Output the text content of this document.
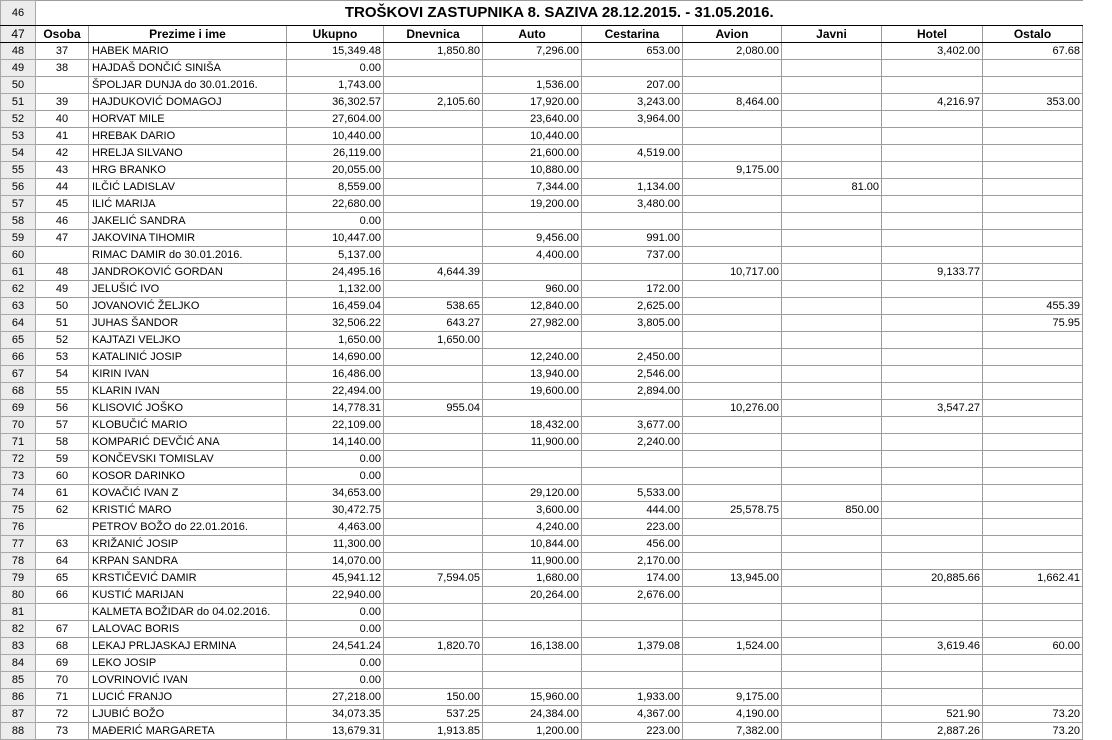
46	TROŠKOVI ZASTUPNIKA 8. SAZIVA 28.12.2015. - 31.05.2016.									
47	Osoba	Prezime i ime	Ukupno	Dnevnica	Auto	Cestarina	Avion	Javni	Hotel	Ostalo
48	37	HABEK MARIO	15,349.48	1,850.80	7,296.00	653.00	2,080.00		3,402.00	67.68
49	38	HAJDAŠ DONČIĆ SINIŠA	0.00							
50		ŠPOLJAR DUNJA do 30.01.2016.	1,743.00		1,536.00	207.00				
51	39	HAJDUKOVIĆ DOMAGOJ	36,302.57	2,105.60	17,920.00	3,243.00	8,464.00		4,216.97	353.00
52	40	HORVAT MILE	27,604.00		23,640.00	3,964.00				
53	41	HREBAK DARIO	10,440.00		10,440.00					
54	42	HRELJA SILVANO	26,119.00		21,600.00	4,519.00				
55	43	HRG BRANKO	20,055.00		10,880.00		9,175.00			
56	44	ILČIĆ LADISLAV	8,559.00		7,344.00	1,134.00		81.00		
57	45	ILIĆ MARIJA	22,680.00		19,200.00	3,480.00				
58	46	JAKELIĆ SANDRA	0.00							
59	47	JAKOVINA TIHOMIR	10,447.00		9,456.00	991.00				
60		RIMAC DAMIR do 30.01.2016.	5,137.00		4,400.00	737.00				
61	48	JANDROKOVIĆ GORDAN	24,495.16	4,644.39			10,717.00		9,133.77	
62	49	JELUŠIĆ IVO	1,132.00		960.00	172.00				
63	50	JOVANOVIĆ ŽELJKO	16,459.04	538.65	12,840.00	2,625.00				455.39
64	51	JUHAS ŠANDOR	32,506.22	643.27	27,982.00	3,805.00				75.95
65	52	KAJTAZI VELJKO	1,650.00	1,650.00						
66	53	KATALINIĆ JOSIP	14,690.00		12,240.00	2,450.00				
67	54	KIRIN IVAN	16,486.00		13,940.00	2,546.00				
68	55	KLARIN IVAN	22,494.00		19,600.00	2,894.00				
69	56	KLISOVIĆ JOŠKO	14,778.31	955.04			10,276.00		3,547.27	
70	57	KLOBUČIĆ MARIO	22,109.00		18,432.00	3,677.00				
71	58	KOMPARIĆ DEVČIĆ ANA	14,140.00		11,900.00	2,240.00				
72	59	KONČEVSKI TOMISLAV	0.00							
73	60	KOSOR DARINKO	0.00							
74	61	KOVAČIĆ IVAN Z	34,653.00		29,120.00	5,533.00				
75	62	KRISTIĆ MARO	30,472.75		3,600.00	444.00	25,578.75	850.00		
76		PETROV BOŽO do 22.01.2016.	4,463.00		4,240.00	223.00				
77	63	KRIŽANIĆ JOSIP	11,300.00		10,844.00	456.00				
78	64	KRPAN SANDRA	14,070.00		11,900.00	2,170.00				
79	65	KRSTIČEVIĆ DAMIR	45,941.12	7,594.05	1,680.00	174.00	13,945.00		20,885.66	1,662.41
80	66	KUSTIĆ MARIJAN	22,940.00		20,264.00	2,676.00				
81		KALMETA BOŽIDAR do 04.02.2016.	0.00							
82	67	LALOVAC BORIS	0.00							
83	68	LEKAJ PRLJASKAJ ERMINA	24,541.24	1,820.70	16,138.00	1,379.08	1,524.00		3,619.46	60.00
84	69	LEKO JOSIP	0.00							
85	70	LOVRINOVIĆ IVAN	0.00							
86	71	LUCIĆ FRANJO	27,218.00	150.00	15,960.00	1,933.00	9,175.00			
87	72	LJUBIĆ BOŽO	34,073.35	537.25	24,384.00	4,367.00	4,190.00		521.90	73.20
88	73	MAĐERIĆ MARGARETA	13,679.31	1,913.85	1,200.00	223.00	7,382.00		2,887.26	73.20
